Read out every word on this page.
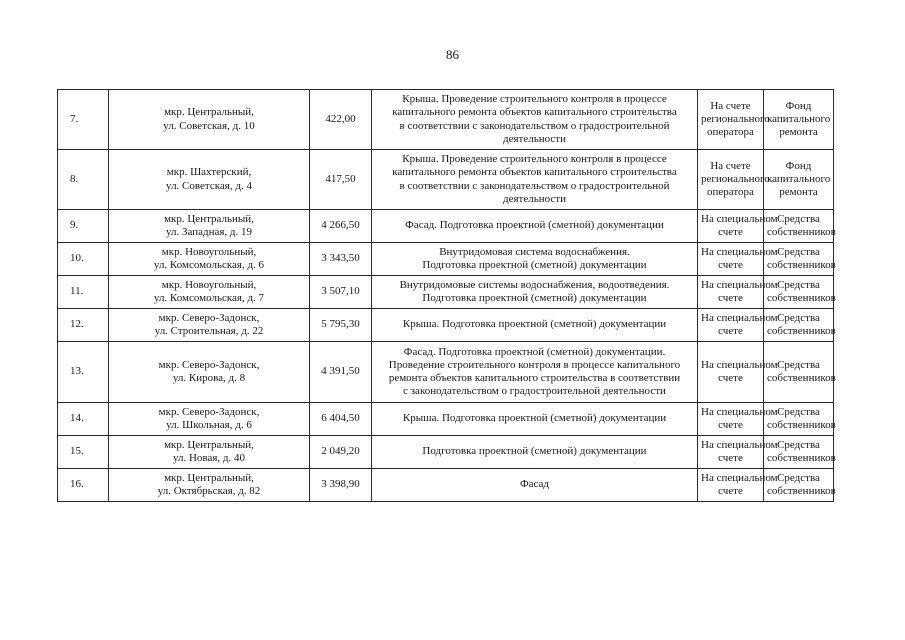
86
7.	мкр. Центральный,
ул. Советская, д. 10	422,00	Крыша. Проведение строительного контроля в процессе
капитального ремонта объектов капитального строительства
в соответствии с законодательством о градостроительной
деятельности	На счете
регионального
оператора	Фонд
капитального
ремонта

8.	мкр. Шахтерский,
ул. Советская, д. 4	417,50	Крыша. Проведение строительного контроля в процессе
капитального ремонта объектов капитального строительства
в соответствии с законодательством о градостроительной
деятельности	На счете
регионального
оператора	Фонд
капитального
ремонта

9.	мкр. Центральный,
ул. Западная, д. 19	4 266,50	Фасад. Подготовка проектной (сметной) документации	На специальном
счете	Средства
собственников

10.	мкр. Новоугольный,
ул. Комсомольская, д. 6	3 343,50	Внутридомовая система водоснабжения.
Подготовка проектной (сметной) документации	На специальном
счете	Средства
собственников

11.	мкр. Новоугольный,
ул. Комсомольская, д. 7	3 507,10	Внутридомовые системы водоснабжения, водоотведения.
Подготовка проектной (сметной) документации	На специальном
счете	Средства
собственников

12.	мкр. Северо-Задонск,
ул. Строительная, д. 22	5 795,30	Крыша. Подготовка проектной (сметной) документации	На специальном
счете	Средства
собственников

13.	мкр. Северо-Задонск,
ул. Кирова, д. 8	4 391,50	Фасад. Подготовка проектной (сметной) документации.
Проведение строительного контроля в процессе капитального
ремонта объектов капитального строительства в соответствии
с законодательством о градостроительной деятельности	На специальном
счете	Средства
собственников

14.	мкр. Северо-Задонск,
ул. Школьная, д. 6	6 404,50	Крыша. Подготовка проектной (сметной) документации	На специальном
счете	Средства
собственников

15.	мкр. Центральный,
ул. Новая, д. 40	2 049,20	Подготовка проектной (сметной) документации	На специальном
счете	Средства
собственников

16.	мкр. Центральный,
ул. Октябрьская, д. 82	3 398,90	Фасад	На специальном
счете	Средства
собственников
